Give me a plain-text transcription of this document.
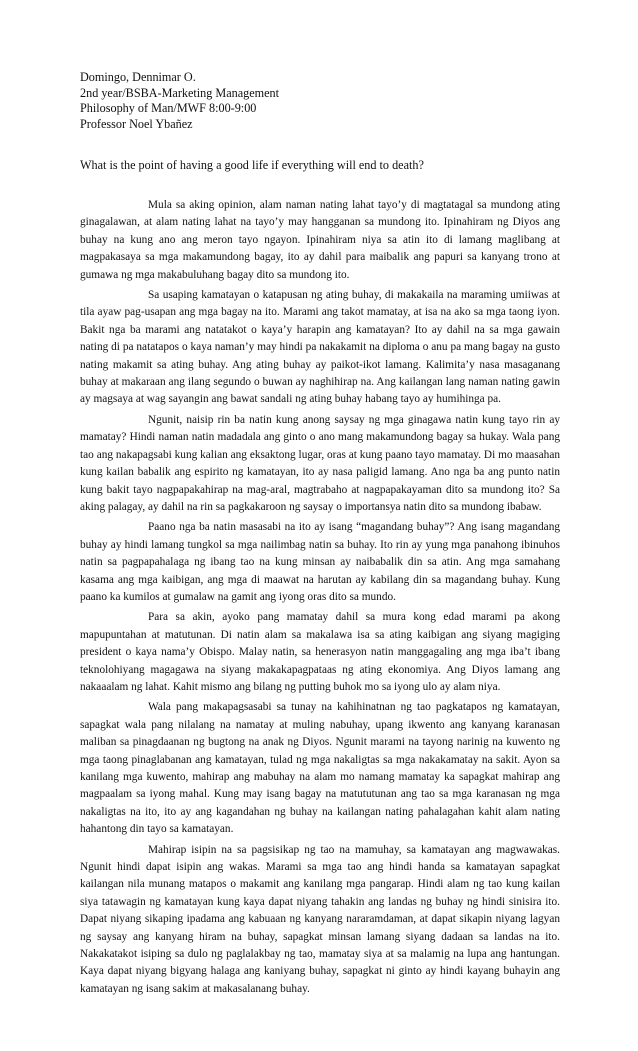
Domingo, Dennimar O.
2nd year/BSBA-Marketing Management
Philosophy of Man/MWF 8:00-9:00
Professor Noel Ybañez
What is the point of having a good life if everything will end to death?

Mula sa aking opinion, alam naman nating lahat tayo’y di magtatagal sa mundong ating ginagalawan, at alam nating lahat na tayo’y may hangganan sa mundong ito. Ipinahiram ng Diyos ang buhay na kung ano ang meron tayo ngayon. Ipinahiram niya sa atin ito di lamang maglibang at magpakasaya sa mga makamundong bagay, ito ay dahil para maibalik ang papuri sa kanyang trono at gumawa ng mga makabuluhang bagay dito sa mundong ito.

Sa usaping kamatayan o katapusan ng ating buhay, di makakaila na maraming umiiwas at tila ayaw pag-usapan ang mga bagay na ito. Marami ang takot mamatay, at isa na ako sa mga taong iyon. Bakit nga ba marami ang natatakot o kaya’y harapin ang kamatayan? Ito ay dahil na sa mga gawain nating di pa natatapos o kaya naman’y may hindi pa nakakamit na diploma o anu pa mang bagay na gusto nating makamit sa ating buhay. Ang ating buhay ay paikot-ikot lamang. Kalimita’y nasa masaganang buhay at makaraan ang ilang segundo o buwan ay naghihirap na. Ang kailangan lang naman nating gawin ay magsaya at wag sayangin ang bawat sandali ng ating buhay habang tayo ay humihinga pa.

Ngunit, naisip rin ba natin kung anong saysay ng mga ginagawa natin kung tayo rin ay mamatay? Hindi naman natin madadala ang ginto o ano mang makamundong bagay sa hukay. Wala pang tao ang nakapagsabi kung kalian ang eksaktong lugar, oras at kung paano tayo mamatay. Di mo maasahan kung kailan babalik ang espirito ng kamatayan, ito ay nasa paligid lamang. Ano nga ba ang punto natin kung bakit tayo nagpapakahirap na mag-aral, magtrabaho at nagpapakayaman dito sa mundong ito? Sa aking palagay, ay dahil na rin sa pagkakaroon ng saysay o importansya natin dito sa mundong ibabaw.

Paano nga ba natin masasabi na ito ay isang “magandang buhay”? Ang isang magandang buhay ay hindi lamang tungkol sa mga nailimbag natin sa buhay. Ito rin ay yung mga panahong ibinuhos natin sa pagpapahalaga ng ibang tao na kung minsan ay naibabalik din sa atin. Ang mga samahang kasama ang mga kaibigan, ang mga di maawat na harutan ay kabilang din sa magandang buhay. Kung paano ka kumilos at gumalaw na gamit ang iyong oras dito sa mundo.

Para sa akin, ayoko pang mamatay dahil sa mura kong edad marami pa akong mapupuntahan at matutunan. Di natin alam sa makalawa isa sa ating kaibigan ang siyang magiging president o kaya nama’y Obispo. Malay natin, sa henerasyon natin manggagaling ang mga iba’t ibang teknolohiyang magagawa na siyang makakapagpataas ng ating ekonomiya. Ang Diyos lamang ang nakaaalam ng lahat. Kahit mismo ang bilang ng putting buhok mo sa iyong ulo ay alam niya.

Wala pang makapagsasabi sa tunay na kahihinatnan ng tao pagkatapos ng kamatayan, sapagkat wala pang nilalang na namatay at muling nabuhay, upang ikwento ang kanyang karanasan maliban sa pinagdaanan ng bugtong na anak ng Diyos. Ngunit marami na tayong narinig na kuwento ng mga taong pinaglabanan ang kamatayan, tulad ng mga nakaligtas sa mga nakakamatay na sakit. Ayon sa kanilang mga kuwento, mahirap ang mabuhay na alam mo namang mamatay ka sapagkat mahirap ang magpaalam sa iyong mahal. Kung may isang bagay na matututunan ang tao sa mga karanasan ng mga nakaligtas na ito, ito ay ang kagandahan ng buhay na kailangan nating pahalagahan kahit alam nating hahantong din tayo sa kamatayan.

Mahirap isipin na sa pagsisikap ng tao na mamuhay, sa kamatayan ang magwawakas. Ngunit hindi dapat isipin ang wakas. Marami sa mga tao ang hindi handa sa kamatayan sapagkat kailangan nila munang matapos o makamit ang kanilang mga pangarap. Hindi alam ng tao kung kailan siya tatawagin ng kamatayan kung kaya dapat niyang tahakin ang landas ng buhay ng hindi sinisira ito. Dapat niyang sikaping ipadama ang kabuaan ng kanyang nararamdaman, at dapat sikapin niyang lagyan ng saysay ang kanyang hiram na buhay, sapagkat minsan lamang siyang dadaan sa landas na ito. Nakakatakot isiping sa dulo ng paglalakbay ng tao, mamatay siya at sa malamig na lupa ang hantungan. Kaya dapat niyang bigyang halaga ang kaniyang buhay, sapagkat ni ginto ay hindi kayang buhayin ang kamatayan ng isang sakim at makasalanang buhay.
